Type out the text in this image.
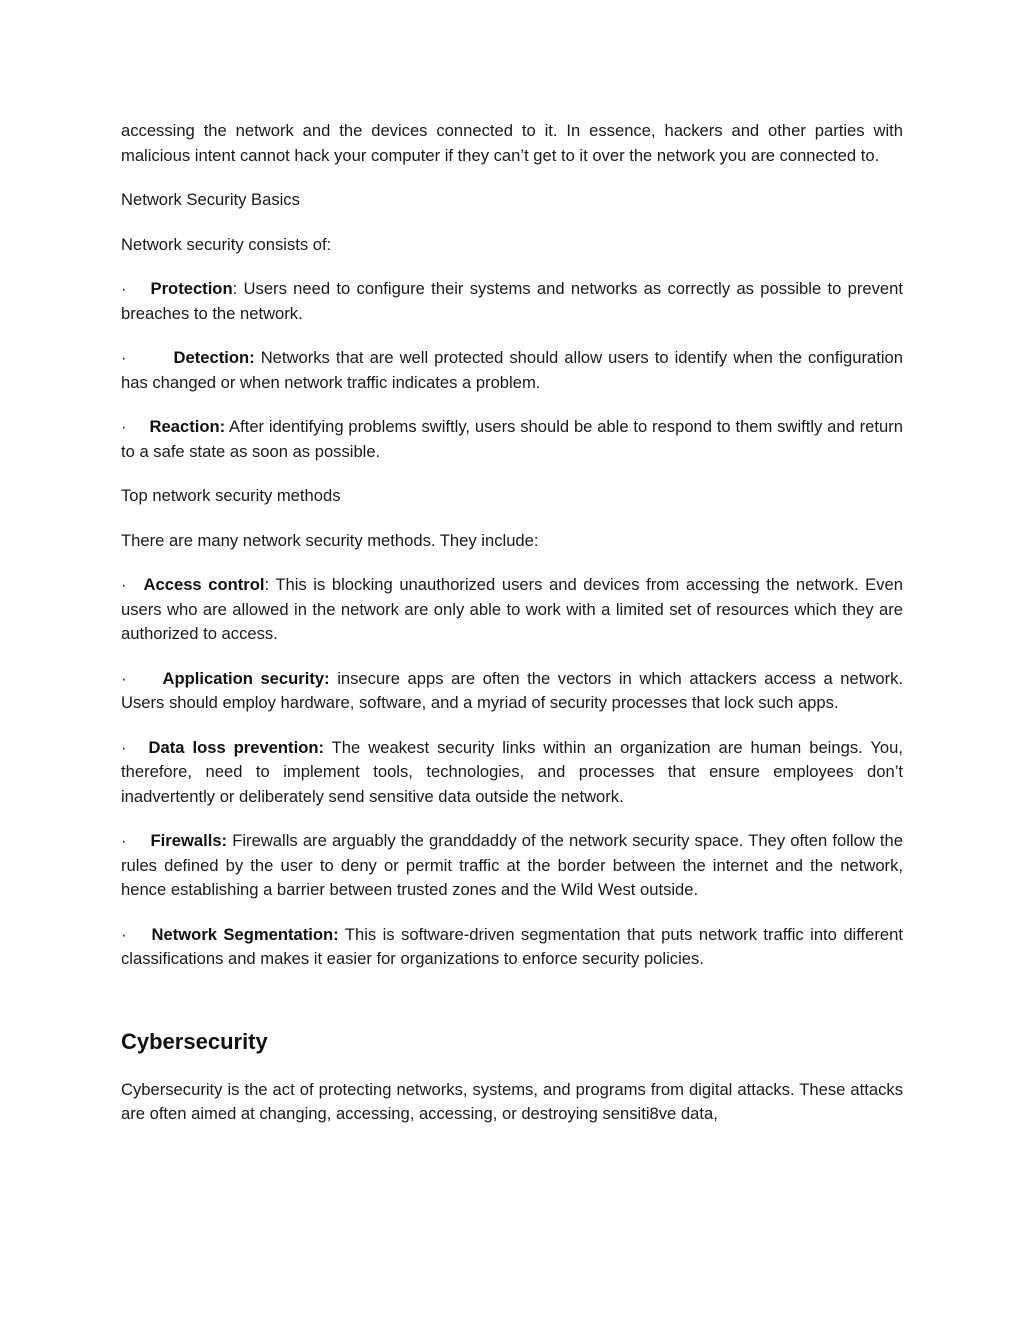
accessing the network and the devices connected to it. In essence, hackers and other parties with malicious intent cannot hack your computer if they can’t get to it over the network you are connected to.

Network Security Basics

Network security consists of:

· Protection: Users need to configure their systems and networks as correctly as possible to prevent breaches to the network.

·	Detection: Networks that are well protected should allow users to identify when the configuration has changed or when network traffic indicates a problem.

· Reaction: After identifying problems swiftly, users should be able to respond to them swiftly and return to a safe state as soon as possible.

Top network security methods

There are many network security methods. They include:

· Access control: This is blocking unauthorized users and devices from accessing the network. Even users who are allowed in the network are only able to work with a limited set of resources which they are authorized to access.

· Application security: insecure apps are often the vectors in which attackers access a network. Users should employ hardware, software, and a myriad of security processes that lock such apps.

· Data loss prevention: The weakest security links within an organization are human beings. You, therefore, need to implement tools, technologies, and processes that ensure employees don’t inadvertently or deliberately send sensitive data outside the network.

· Firewalls: Firewalls are arguably the granddaddy of the network security space. They often follow the rules defined by the user to deny or permit traffic at the border between the internet and the network, hence establishing a barrier between trusted zones and the Wild West outside.

· Network Segmentation: This is software-driven segmentation that puts network traffic into different classifications and makes it easier for organizations to enforce security policies.

Cybersecurity

Cybersecurity is the act of protecting networks, systems, and programs from digital attacks. These attacks are often aimed at changing, accessing, accessing, or destroying sensiti8ve data,
